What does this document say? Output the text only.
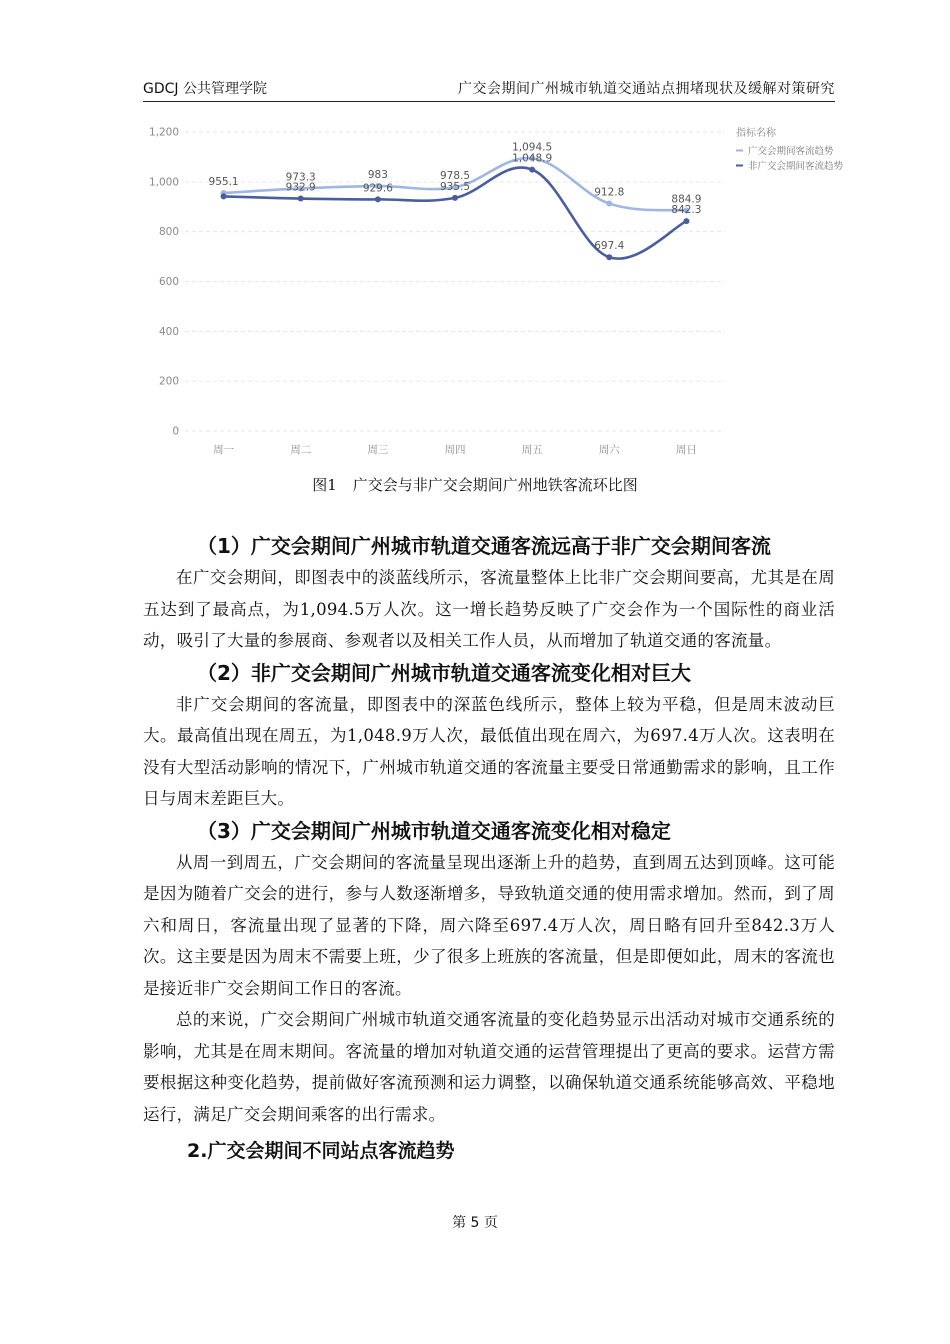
GDCJ 公共管理学院	广交会期间广州城市轨道交通站点拥堵现状及缓解对策研究
0
200
400
600
800
1,000
1,200
周一	周二	周三	周四	周五	周六	周日
955.1	973.3	983	978.5
1,094.5
912.8
884.9
932.9	929.6	935.5
1,048.9
697.4
842.3
指标名称
广交会期间客流趋势
非广交会期间客流趋势
图1 广交会与非广交会期间广州地铁客流环比图
（1）广交会期间广州城市轨道交通客流远高于非广交会期间客流

在广交会期间，即图表中的淡蓝线所示，客流量整体上比非广交会期间要高，尤其是在周五达到了最高点，为1,094.5万人次。这一增长趋势反映了广交会作为一个国际性的商业活动，吸引了大量的参展商、参观者以及相关工作人员，从而增加了轨道交通的客流量。

（2）非广交会期间广州城市轨道交通客流变化相对巨大

非广交会期间的客流量，即图表中的深蓝色线所示，整体上较为平稳，但是周末波动巨大。最高值出现在周五，为1,048.9万人次，最低值出现在周六，为697.4万人次。这表明在没有大型活动影响的情况下，广州城市轨道交通的客流量主要受日常通勤需求的影响，且工作日与周末差距巨大。

（3）广交会期间广州城市轨道交通客流变化相对稳定

从周一到周五，广交会期间的客流量呈现出逐渐上升的趋势，直到周五达到顶峰。这可能是因为随着广交会的进行，参与人数逐渐增多，导致轨道交通的使用需求增加。然而，到了周六和周日，客流量出现了显著的下降，周六降至697.4万人次，周日略有回升至842.3万人次。这主要是因为周末不需要上班，少了很多上班族的客流量，但是即便如此，周末的客流也是接近非广交会期间工作日的客流。

总的来说，广交会期间广州城市轨道交通客流量的变化趋势显示出活动对城市交通系统的影响，尤其是在周末期间。客流量的增加对轨道交通的运营管理提出了更高的要求。运营方需要根据这种变化趋势，提前做好客流预测和运力调整，以确保轨道交通系统能够高效、平稳地运行，满足广交会期间乘客的出行需求。

2.广交会期间不同站点客流趋势
第 5 页
